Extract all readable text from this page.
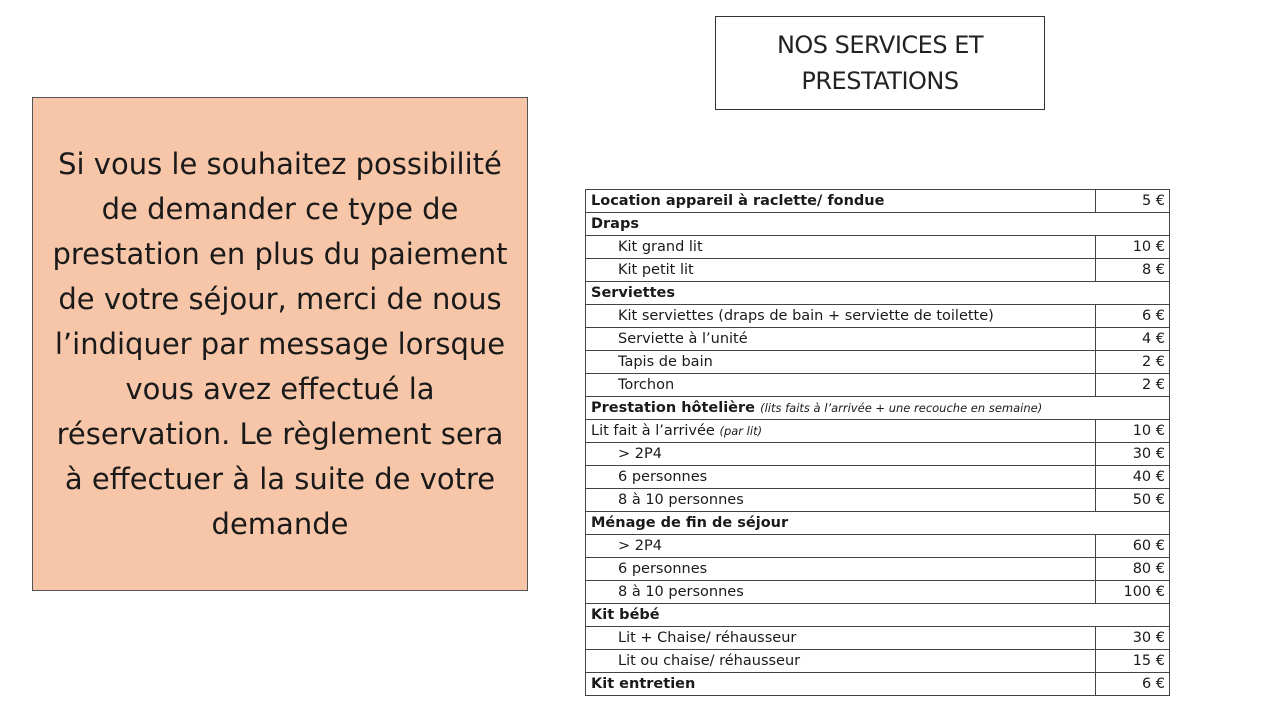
Si vous le souhaitez possibilité
de demander ce type de
prestation en plus du paiement
de votre séjour, merci de nous
l’indiquer par message lorsque
vous avez effectué la
réservation. Le règlement sera
à effectuer à la suite de votre
demande

NOS SERVICES ET
PRESTATIONS
Location appareil à raclette/ fondue	5 €
Draps	
Kit grand lit	10 €
Kit petit lit	8 €
Serviettes	
Kit serviettes (draps de bain + serviette de toilette)	6 €
Serviette à l’unité	4 €
Tapis de bain	2 €
Torchon	2 €
Prestation hôtelière (lits faits à l’arrivée + une recouche en semaine)	
Lit fait à l’arrivée (par lit)	10 €
> 2P4	30 €
6 personnes	40 €
8 à 10 personnes	50 €
Ménage de fin de séjour	
> 2P4	60 €
6 personnes	80 €
8 à 10 personnes	100 €
Kit bébé	
Lit + Chaise/ réhausseur	30 €
Lit ou chaise/ réhausseur	15 €
Kit entretien	6 €
